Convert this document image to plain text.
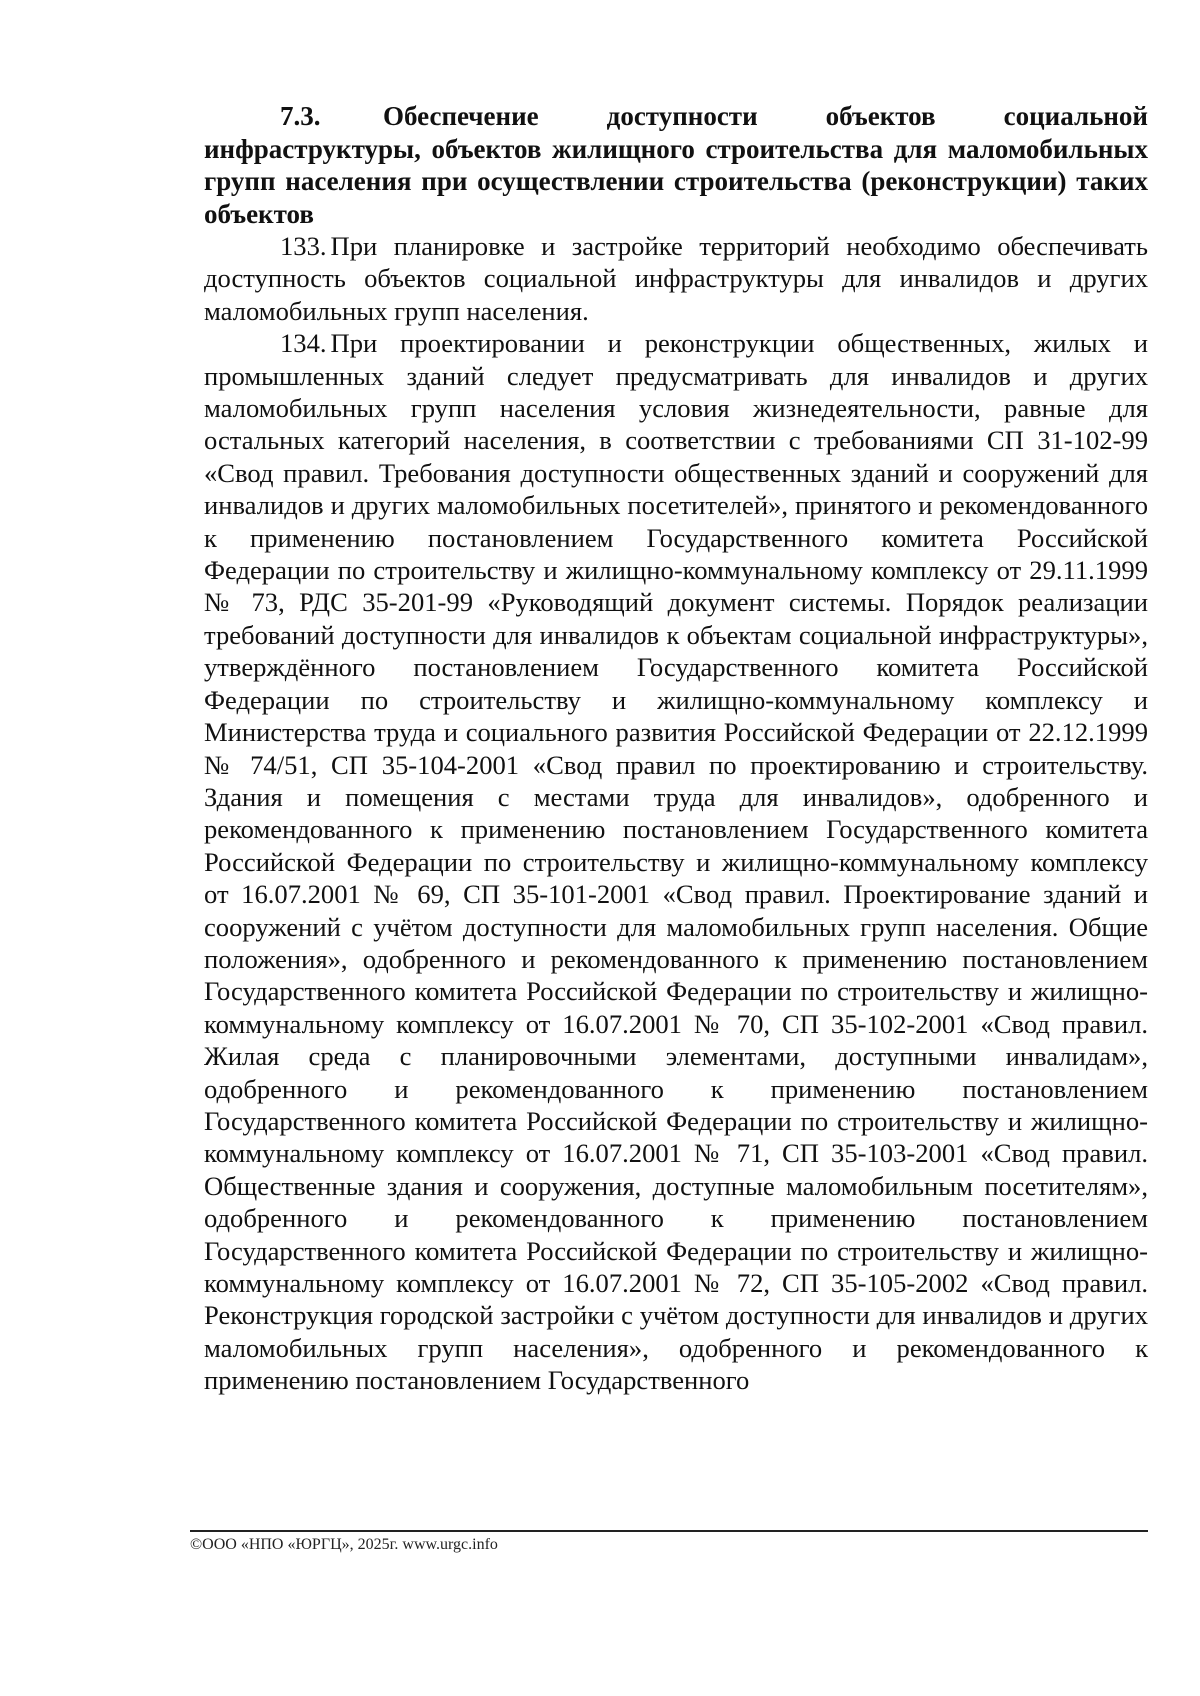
7.3. Обеспечение доступности объектов социальной инфраструктуры, объектов жилищного строительства для маломобильных групп населения при осуществлении строительства (реконструкции) таких объектов

133. При планировке и застройке территорий необходимо обеспечивать доступность объектов социальной инфраструктуры для инвалидов и других маломобильных групп населения.

134. При проектировании и реконструкции общественных, жилых и промышленных зданий следует предусматривать для инвалидов и других маломобильных групп населения условия жизнедеятельности, равные для остальных категорий населения, в соответствии с требованиями СП 31-102-99 «Свод правил. Требования доступности общественных зданий и сооружений для инвалидов и других маломобильных посетителей», принятого и рекомендованного к применению постановлением Государственного комитета Российской Федерации по строительству и жилищно-коммунальному комплексу от 29.11.1999 № 73, РДС 35-201-99 «Руководящий документ системы. Порядок реализации требований доступности для инвалидов к объектам социальной инфраструктуры», утверждённого постановлением Государственного комитета Российской Федерации по строительству и жилищно-коммунальному комплексу и Министерства труда и социального развития Российской Федерации от 22.12.1999 № 74/51, СП 35-104-2001 «Свод правил по проектированию и строительству. Здания и помещения с местами труда для инвалидов», одобренного и рекомендованного к применению постановлением Государственного комитета Российской Федерации по строительству и жилищно-коммунальному комплексу от 16.07.2001 № 69, СП 35-101-2001 «Свод правил. Проектирование зданий и сооружений с учётом доступности для маломобильных групп населения. Общие положения», одобренного и рекомендованного к применению постановлением Государственного комитета Российской Федерации по строительству и жилищно-коммунальному комплексу от 16.07.2001 № 70, СП 35-102-2001 «Свод правил. Жилая среда с планировочными элементами, доступными инвалидам», одобренного и рекомендованного к применению постановлением Государственного комитета Российской Федерации по строительству и жилищно-коммунальному комплексу от 16.07.2001 № 71, СП 35-103-2001 «Свод правил. Общественные здания и сооружения, доступные маломобильным посетителям», одобренного и рекомендованного к применению постановлением Государственного комитета Российской Федерации по строительству и жилищно-коммунальному комплексу от 16.07.2001 № 72, СП 35-105-2002 «Свод правил. Реконструкция городской застройки с учётом доступности для инвалидов и других маломобильных групп населения», одобренного и рекомендованного к применению постановлением Государственного

©ООО «НПО «ЮРГЦ», 2025г. www.urgc.info
